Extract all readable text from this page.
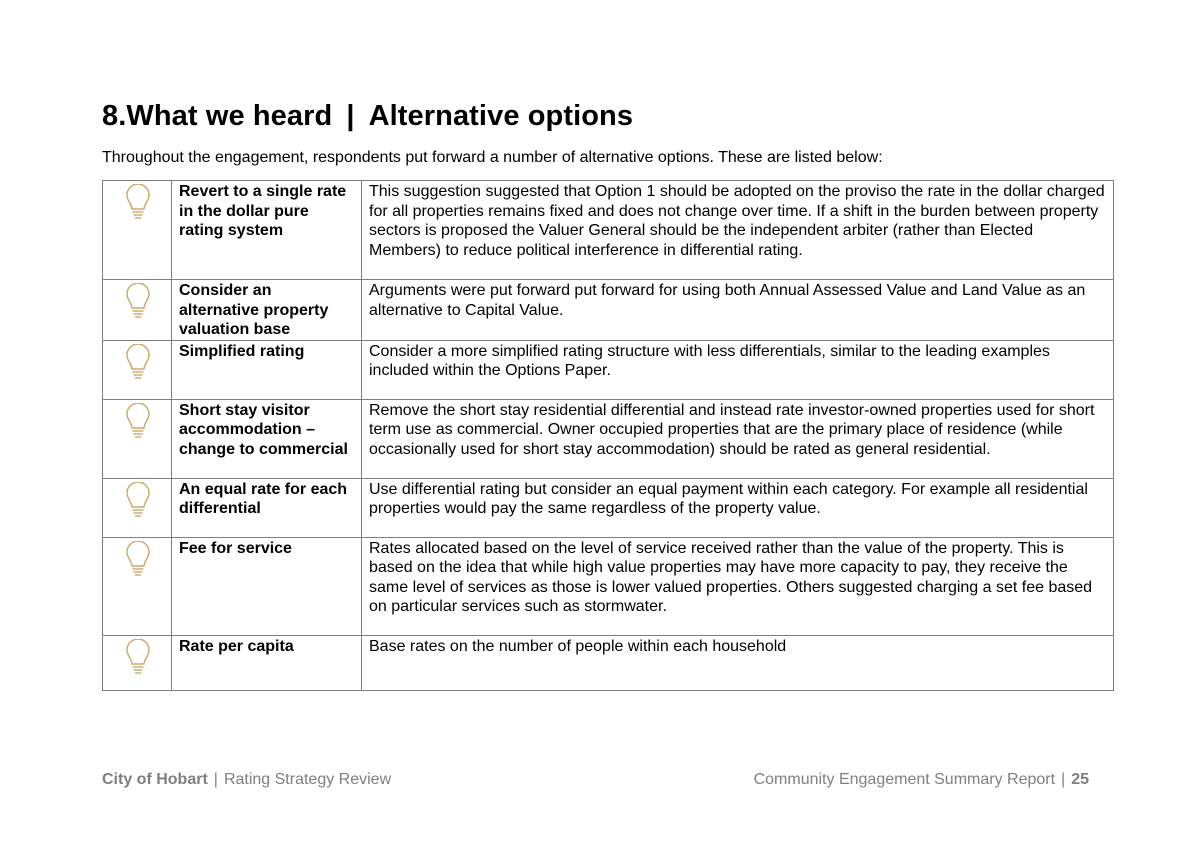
8.What we heard | Alternative options
Throughout the engagement, respondents put forward a number of alternative options. These are listed below:
	Revert to a single rate in the dollar pure rating system	This suggestion suggested that Option 1 should be adopted on the proviso the rate in the dollar charged for all properties remains fixed and does not change over time. If a shift in the burden between property sectors is proposed the Valuer General should be the independent arbiter (rather than Elected Members) to reduce political interference in differential rating.

	Consider an alternative property valuation base	Arguments were put forward put forward for using both Annual Assessed Value and Land Value as an alternative to Capital Value.

	Simplified rating	Consider a more simplified rating structure with less differentials, similar to the leading examples included within the Options Paper.

	Short stay visitor accommodation – change to commercial	Remove the short stay residential differential and instead rate investor-owned properties used for short term use as commercial. Owner occupied properties that are the primary place of residence (while occasionally used for short stay accommodation) should be rated as general residential.

	An equal rate for each differential	Use differential rating but consider an equal payment within each category. For example all residential properties would pay the same regardless of the property value.

	Fee for service	Rates allocated based on the level of service received rather than the value of the property. This is based on the idea that while high value properties may have more capacity to pay, they receive the same level of services as those is lower valued properties. Others suggested charging a set fee based on particular services such as stormwater.

	Rate per capita	Base rates on the number of people within each household
City of Hobart | Rating Strategy Review	Community Engagement Summary Report | 25
